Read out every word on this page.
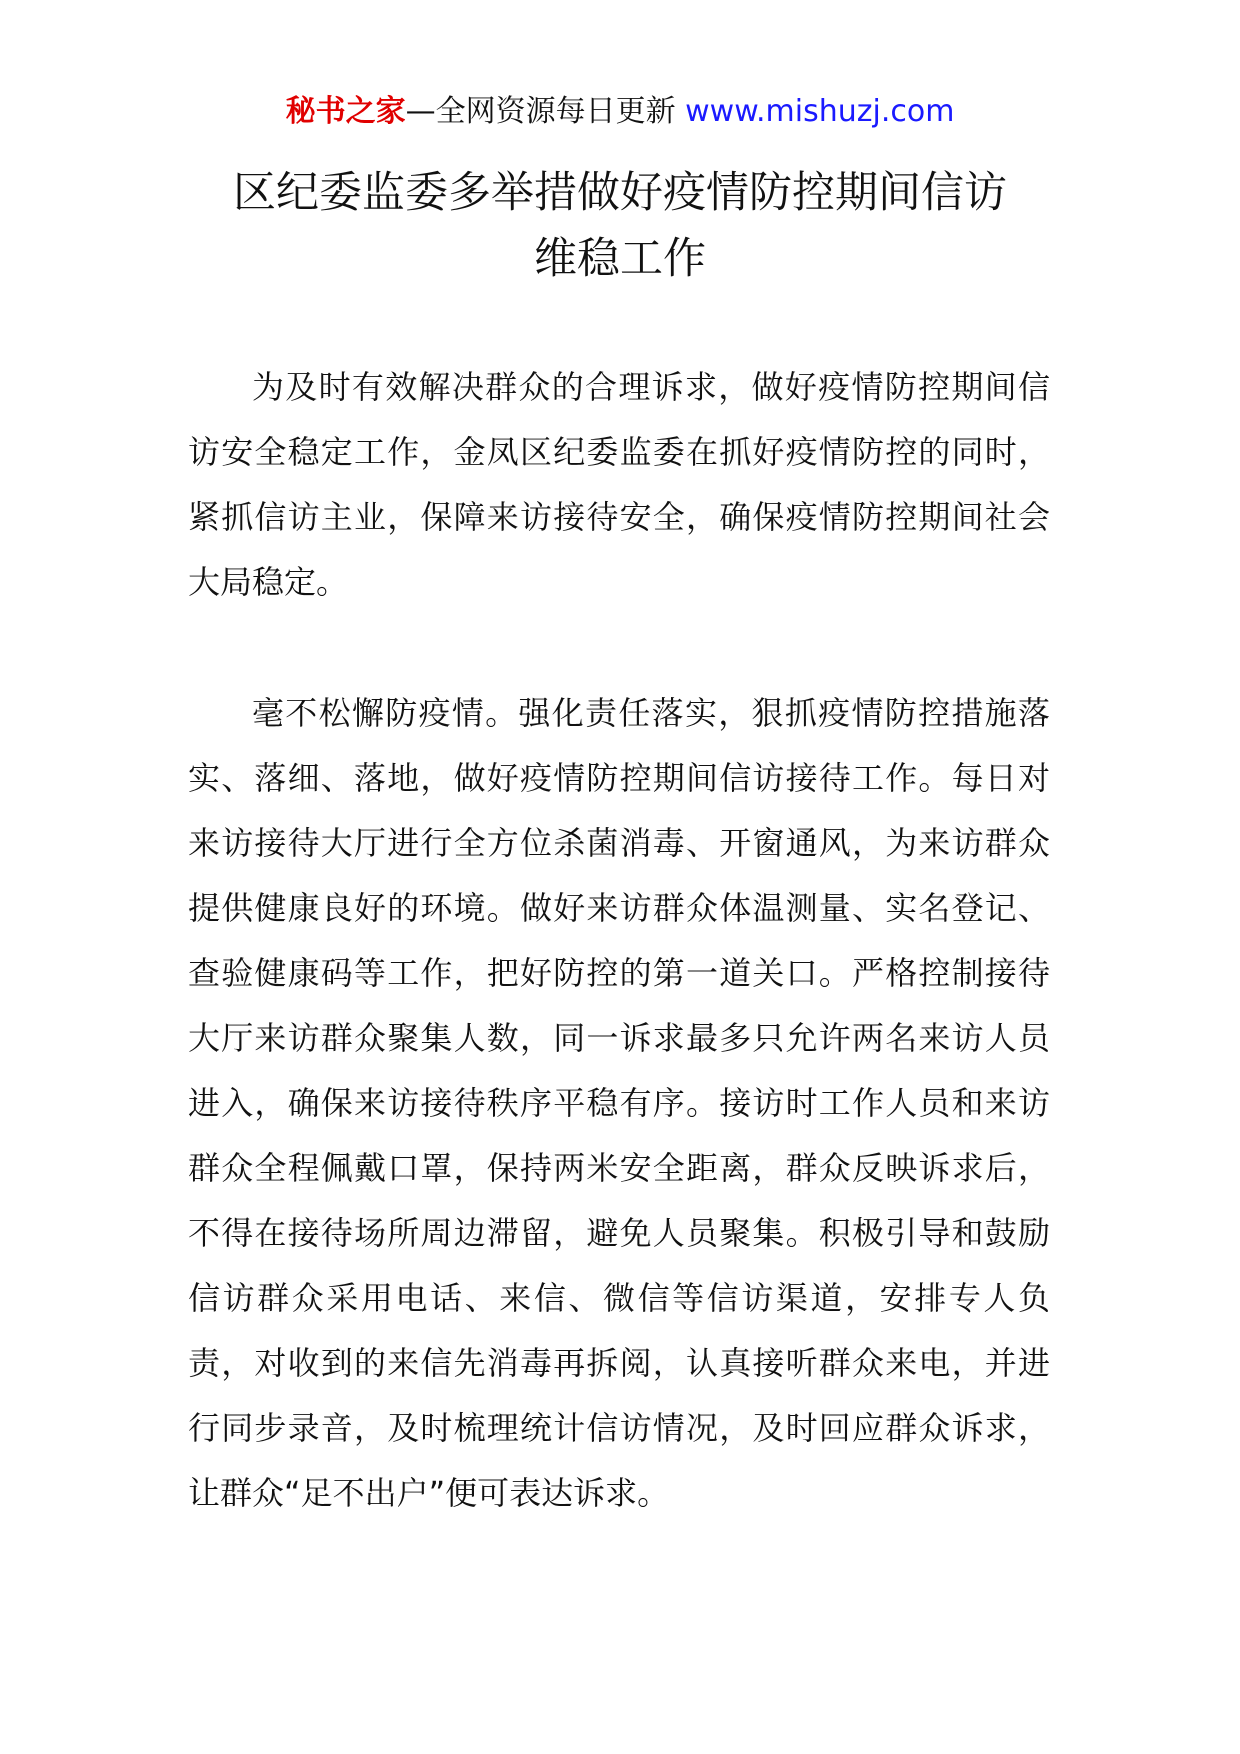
秘书之家—全网资源每日更新 www.mishuzj.com
区纪委监委多举措做好疫情防控期间信访
维稳工作

为及时有效解决群众的合理诉求，做好疫情防控期间信访安全稳定工作，金凤区纪委监委在抓好疫情防控的同时，紧抓信访主业，保障来访接待安全，确保疫情防控期间社会大局稳定。

毫不松懈防疫情。强化责任落实，狠抓疫情防控措施落实、落细、落地，做好疫情防控期间信访接待工作。每日对来访接待大厅进行全方位杀菌消毒、开窗通风，为来访群众提供健康良好的环境。做好来访群众体温测量、实名登记、查验健康码等工作，把好防控的第一道关口。严格控制接待大厅来访群众聚集人数，同一诉求最多只允许两名来访人员进入，确保来访接待秩序平稳有序。接访时工作人员和来访群众全程佩戴口罩，保持两米安全距离，群众反映诉求后，不得在接待场所周边滞留，避免人员聚集。积极引导和鼓励信访群众采用电话、来信、微信等信访渠道，安排专人负责，对收到的来信先消毒再拆阅，认真接听群众来电，并进行同步录音，及时梳理统计信访情况，及时回应群众诉求，让群众“足不出户”便可表达诉求。
